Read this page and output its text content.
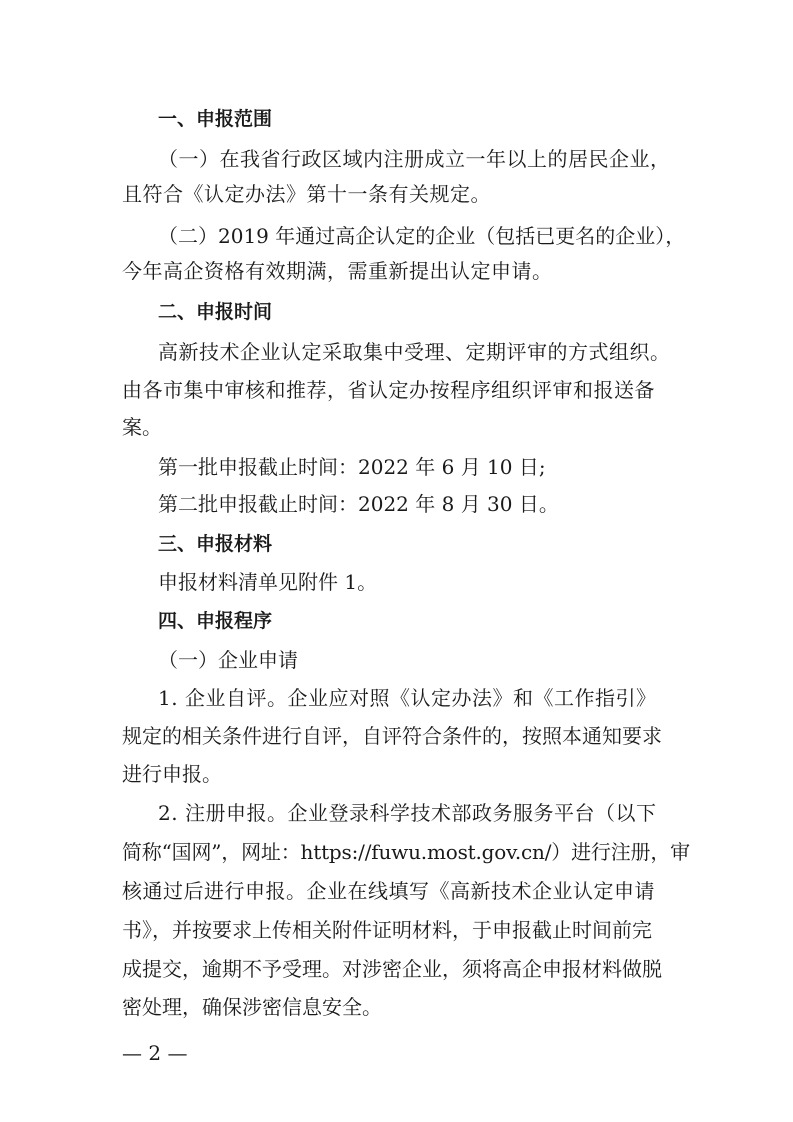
一、申报范围
（一）在我省行政区域内注册成立一年以上的居民企业，
且符合《认定办法》第十一条有关规定。
（二）2019 年通过高企认定的企业（包括已更名的企业），
今年高企资格有效期满，需重新提出认定申请。
二、申报时间
高新技术企业认定采取集中受理、定期评审的方式组织。
由各市集中审核和推荐，省认定办按程序组织评审和报送备
案。
第一批申报截止时间：2022 年 6 月 10 日;
第二批申报截止时间：2022 年 8 月 30 日。
三、申报材料
申报材料清单见附件 1。
四、申报程序
（一）企业申请
1. 企业自评。企业应对照《认定办法》和《工作指引》
规定的相关条件进行自评，自评符合条件的，按照本通知要求
进行申报。
2. 注册申报。企业登录科学技术部政务服务平台（以下
简称“国网”，网址：https://fuwu.most.gov.cn/）进行注册，审
核通过后进行申报。企业在线填写《高新技术企业认定申请
书》，并按要求上传相关附件证明材料，于申报截止时间前完
成提交，逾期不予受理。对涉密企业，须将高企申报材料做脱
密处理，确保涉密信息安全。
— 2 —
